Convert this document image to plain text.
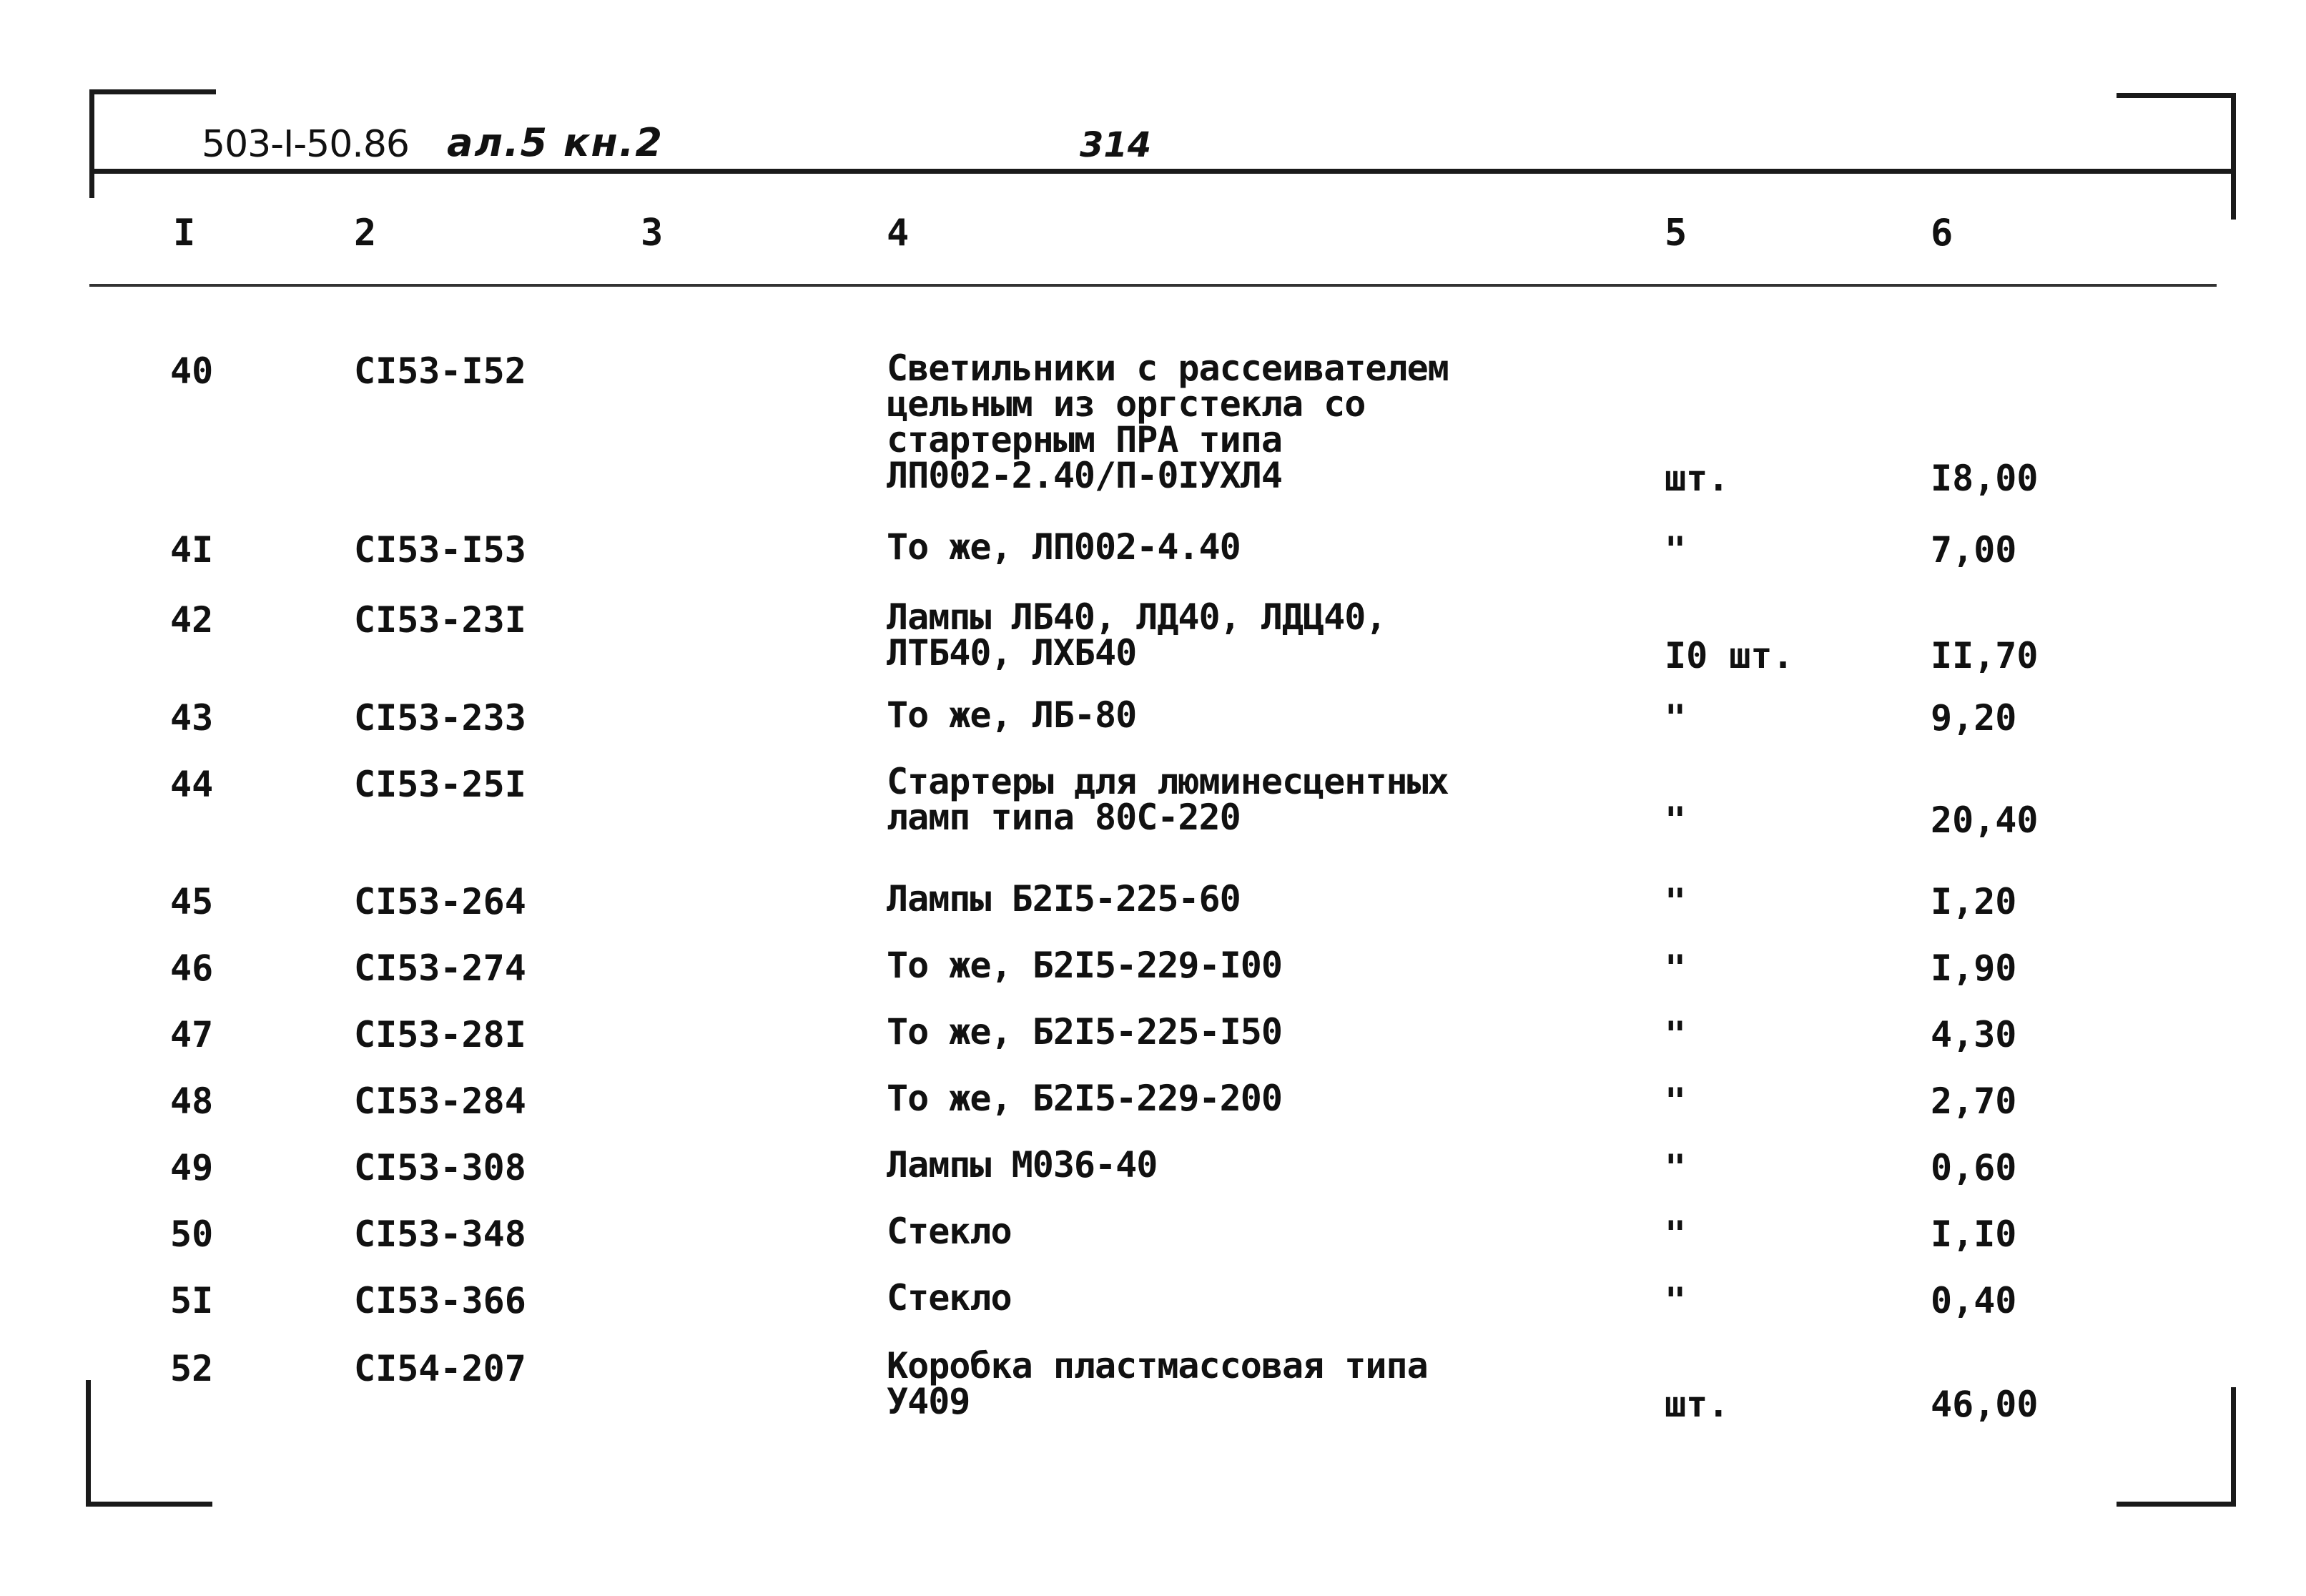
503-I-50.86 ал.5 кн.2	314
I	2	3	4	5	6
40	CI53-I52	Светильники с рассеивателем
цельным из оргстекла со
стартерным ПРА типа
ЛП002-2.40/П-0IУХЛ4	шт.	I8,00
4I	CI53-I53	То же, ЛП002-4.40	"	7,00
42	CI53-23I	Лампы ЛБ40, ЛД40, ЛДЦ40,
ЛТБ40, ЛХБ40	I0 шт.	II,70
43	CI53-233	То же, ЛБ-80	"	9,20
44	CI53-25I	Стартеры для люминесцентных
ламп типа 80С-220	"	20,40
45	CI53-264	Лампы Б2I5-225-60	"	I,20
46	CI53-274	То же, Б2I5-229-I00	"	I,90
47	CI53-28I	То же, Б2I5-225-I50	"	4,30
48	CI53-284	То же, Б2I5-229-200	"	2,70
49	CI53-308	Лампы М036-40	"	0,60
50	CI53-348	Стекло	"	I,I0
5I	CI53-366	Стекло	"	0,40
52	CI54-207	Коробка пластмассовая типа
У409	шт.	46,00
